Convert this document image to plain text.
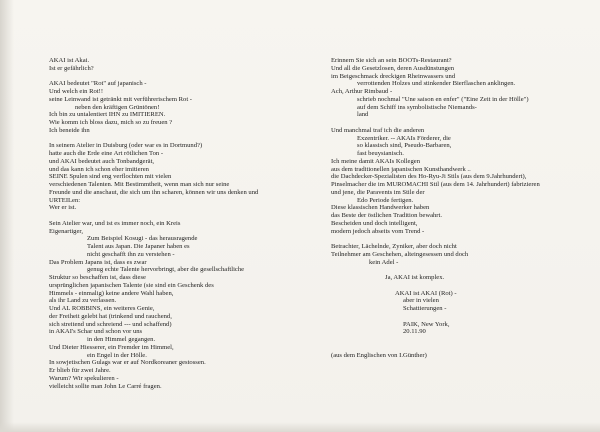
AKAI ist Akai.
Ist er gefährlich?
AKAI bedeutet "Rot" auf japanisch -
Und welch ein Rot!!
seine Leinwand ist getränkt mit verführerischem Rot -
neben den kräftigen Grüntönen!
Ich bin zu untalentiert IHN zu IMITIEREN.
Wie komm ich bloss dazu, mich so zu freuen ?
Ich beneide ihn
In seinem Atelier in Duisburg (oder war es in Dortmund?)
hatte auch die Erde eine Art rötlichen Ton -
und AKAI bedeutet auch Tonbandgerät,
und das kann ich schon eher imitieren
SEINE Spulen sind eng verflochten mit vielen
verschiedenen Talenten. Mit Bestimmtheit, wenn man sich nur seine
Freunde und die anschaut, die sich um ihn scharen, können wir uns denken und
URTEILen:
Wer er ist.
Sein Atelier war, und ist es immer noch, ein Kreis
Eigenartiger,
Zum Beispiel Kosugi - das herausragende
Talent aus Japan. Die Japaner haben es
nicht geschafft ihn zu verstehen -
Das Problem Japans ist, dass es zwar
genug echte Talente hervorbringt, aber die gesellschaftliche
Struktur so beschaffen ist, dass diese
ursprünglichen japanischen Talente (sie sind ein Geschenk des
Himmels - einmalig) keine andere Wahl haben,
als ihr Land zu verlassen.
Und AL ROBBINS, ein weiteres Genie,
der Freiheit gelebt hat (trinkend und rauchend,
sich streitend und schreiend --- und schaffend)
in AKAI's Schar und schon vor uns
in den Himmel gegangen.
Und Dieter Hiesserer, ein Fremder im Himmel,
ein Engel in der Hölle.
In sowjetischen Gulags war er auf Nordkoreaner gestossen.
Er blieb für zwei Jahre.
Warum? Wir spekulieren -
vielleicht sollte man John Le Carré fragen.
Erinnern Sie sich an sein BOOTs-Restaurant?
Und all die Gesetzlosen, deren Ausdünstungen
im Beigeschmack dreckigen Rheinwassers und
verrottenden Holzes und stinkender Bierflaschen anklingen.
Ach, Arthur Rimbaud -
schrieb nochmal "Une saison en enfer" ("Eine Zeit in der Hölle")
auf dem Schiff ins symbolistische Niemands-
land
Und manchmal traf ich die anderen
Exzentriker. -- AKAIs Förderer, die
so klassisch sind, Pseudo-Barbaren,
fast beuysianisch.
Ich meine damit AKAIs Kollegen
aus dem traditionellen japanischen Kunsthandwerk ..
die Dachdecker-Spezialisten des Ho-Ryu-Ji Stils (aus dem 9.Jahrhundert),
Pinselmacher die im MUROMACHI Stil (aus dem 14. Jahrhundert) fabrizieren
und jene, die Paravents im Stile der
Edo Periode fertigen.
Diese klassischen Handwerker haben
das Beste der östlichen Tradition bewahrt.
Bescheiden und doch intelligent,
modern jedoch abseits vom Trend -
Betrachter, Lächelnde, Zyniker, aber doch nicht
Teilnehmer am Geschehen, alteingesessen und doch
kein Adel -
Ja, AKAI ist komplex.
AKAI ist AKAI (Rot) -
aber in vielen
Schattierungen -
PAIK, New York,
20.11.90
(aus dem Englischen von I.Günther)
